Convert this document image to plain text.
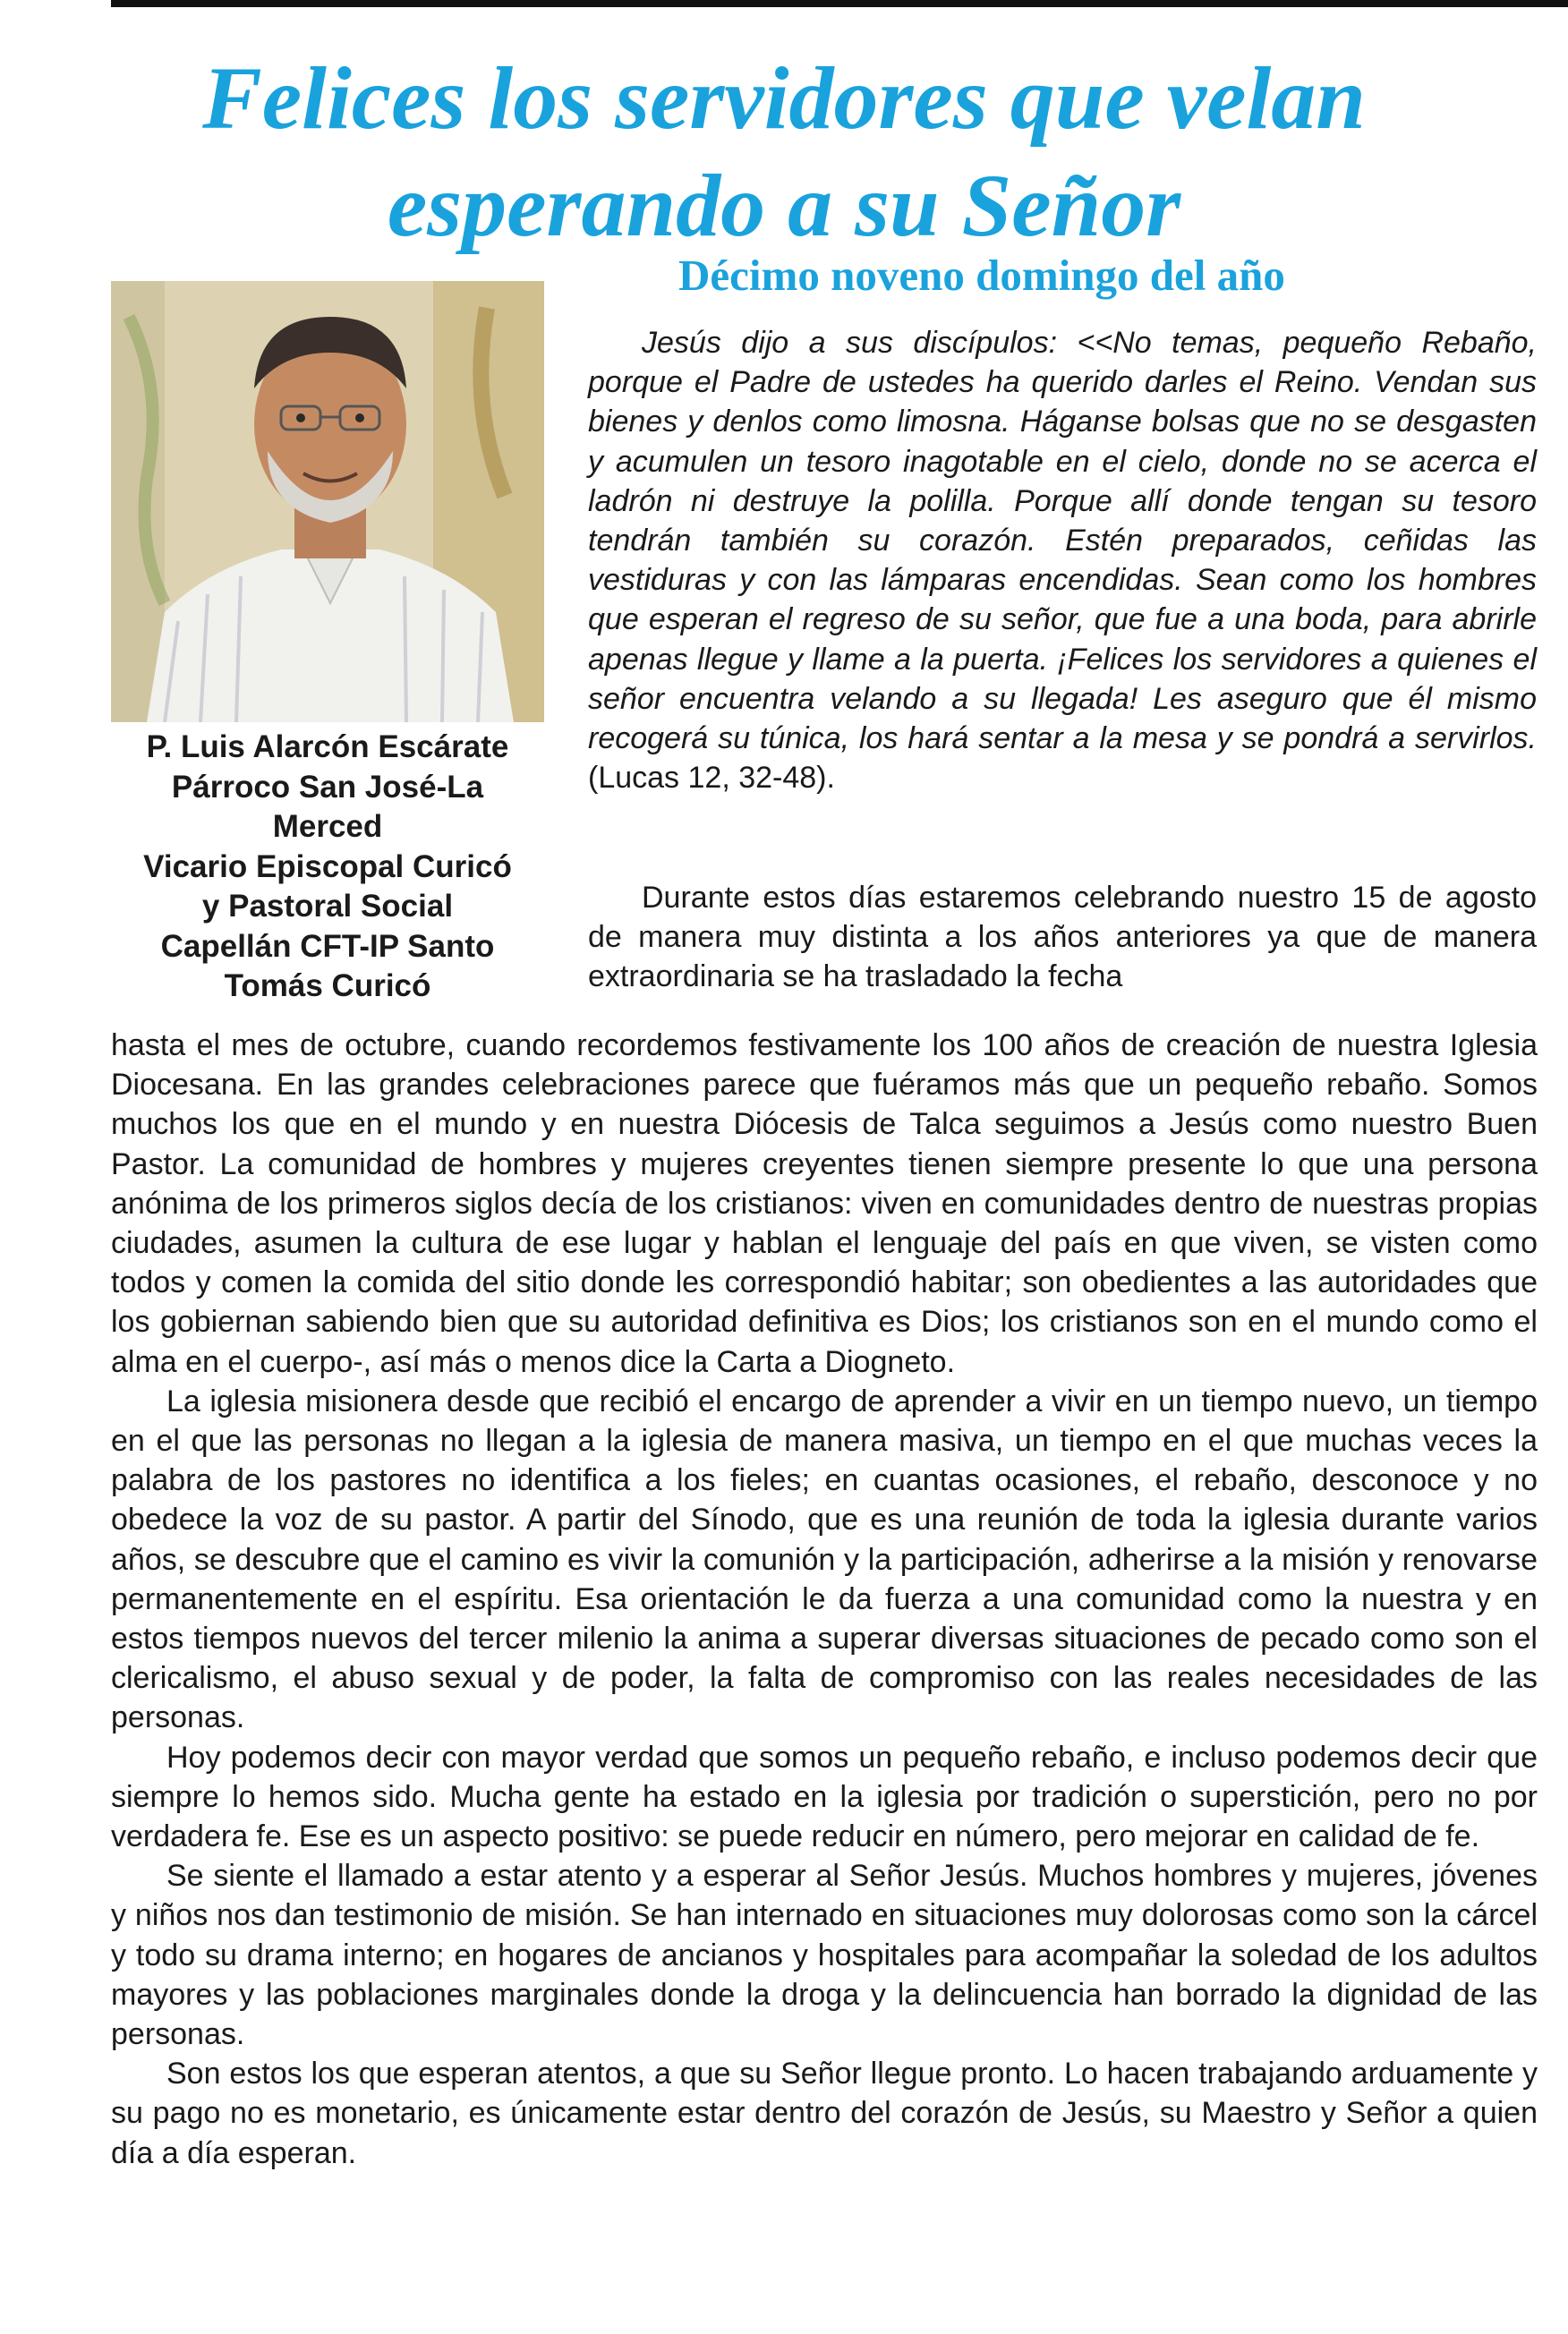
Felices los servidores que velan
esperando a su Señor
Décimo noveno domingo del año
P. Luis Alarcón Escárate
Párroco San José-La
Merced
Vicario Episcopal Curicó
y Pastoral Social
Capellán CFT-IP Santo
Tomás Curicó

Jesús dijo a sus discípulos: <<No temas, pequeño Rebaño, porque el Padre de ustedes ha querido darles el Reino. Vendan sus bienes y denlos como limosna. Háganse bolsas que no se desgasten y acumulen un tesoro inagotable en el cielo, donde no se acerca el ladrón ni destruye la polilla. Porque allí donde tengan su tesoro tendrán también su corazón. Estén preparados, ceñidas las vestiduras y con las lámparas encendidas. Sean como los hombres que esperan el regreso de su señor, que fue a una boda, para abrirle apenas llegue y llame a la puerta. ¡Felices los servidores a quienes el señor encuentra velando a su llegada! Les aseguro que él mismo recogerá su túnica, los hará sentar a la mesa y se pondrá a servirlos. (Lucas 12, 32-48).

Durante estos días estaremos celebrando nuestro 15 de agosto de manera muy distinta a los años anteriores ya que de manera extraordinaria se ha trasladado la fecha

hasta el mes de octubre, cuando recordemos festivamente los 100 años de creación de nuestra Iglesia Diocesana. En las grandes celebraciones parece que fuéramos más que un pequeño rebaño. Somos muchos los que en el mundo y en nuestra Diócesis de Talca seguimos a Jesús como nuestro Buen Pastor. La comunidad de hombres y mujeres creyentes tienen siempre presente lo que una persona anónima de los primeros siglos decía de los cristianos: viven en comunidades dentro de nuestras propias ciudades, asumen la cultura de ese lugar y hablan el lenguaje del país en que viven, se visten como todos y comen la comida del sitio donde les correspondió habitar; son obedientes a las autoridades que los gobiernan sabiendo bien que su autoridad definitiva es Dios; los cristianos son en el mundo como el alma en el cuerpo-, así más o menos dice la Carta a Diogneto.

La iglesia misionera desde que recibió el encargo de aprender a vivir en un tiempo nuevo, un tiempo en el que las personas no llegan a la iglesia de manera masiva, un tiempo en el que muchas veces la palabra de los pastores no identifica a los fieles; en cuantas ocasiones, el rebaño, desconoce y no obedece la voz de su pastor. A partir del Sínodo, que es una reunión de toda la iglesia durante varios años, se descubre que el camino es vivir la comunión y la participación, adherirse a la misión y renovarse permanentemente en el espíritu. Esa orientación le da fuerza a una comunidad como la nuestra y en estos tiempos nuevos del tercer milenio la anima a superar diversas situaciones de pecado como son el clericalismo, el abuso sexual y de poder, la falta de compromiso con las reales necesidades de las personas.

Hoy podemos decir con mayor verdad que somos un pequeño rebaño, e incluso podemos decir que siempre lo hemos sido. Mucha gente ha estado en la iglesia por tradición o superstición, pero no por verdadera fe. Ese es un aspecto positivo: se puede reducir en número, pero mejorar en calidad de fe.

Se siente el llamado a estar atento y a esperar al Señor Jesús. Muchos hombres y mujeres, jóvenes y niños nos dan testimonio de misión. Se han internado en situaciones muy dolorosas como son la cárcel y todo su drama interno; en hogares de ancianos y hospitales para acompañar la soledad de los adultos mayores y las poblaciones marginales donde la droga y la delincuencia han borrado la dignidad de las personas.

Son estos los que esperan atentos, a que su Señor llegue pronto. Lo hacen trabajando arduamente y su pago no es monetario, es únicamente estar dentro del corazón de Jesús, su Maestro y Señor a quien día a día esperan.
